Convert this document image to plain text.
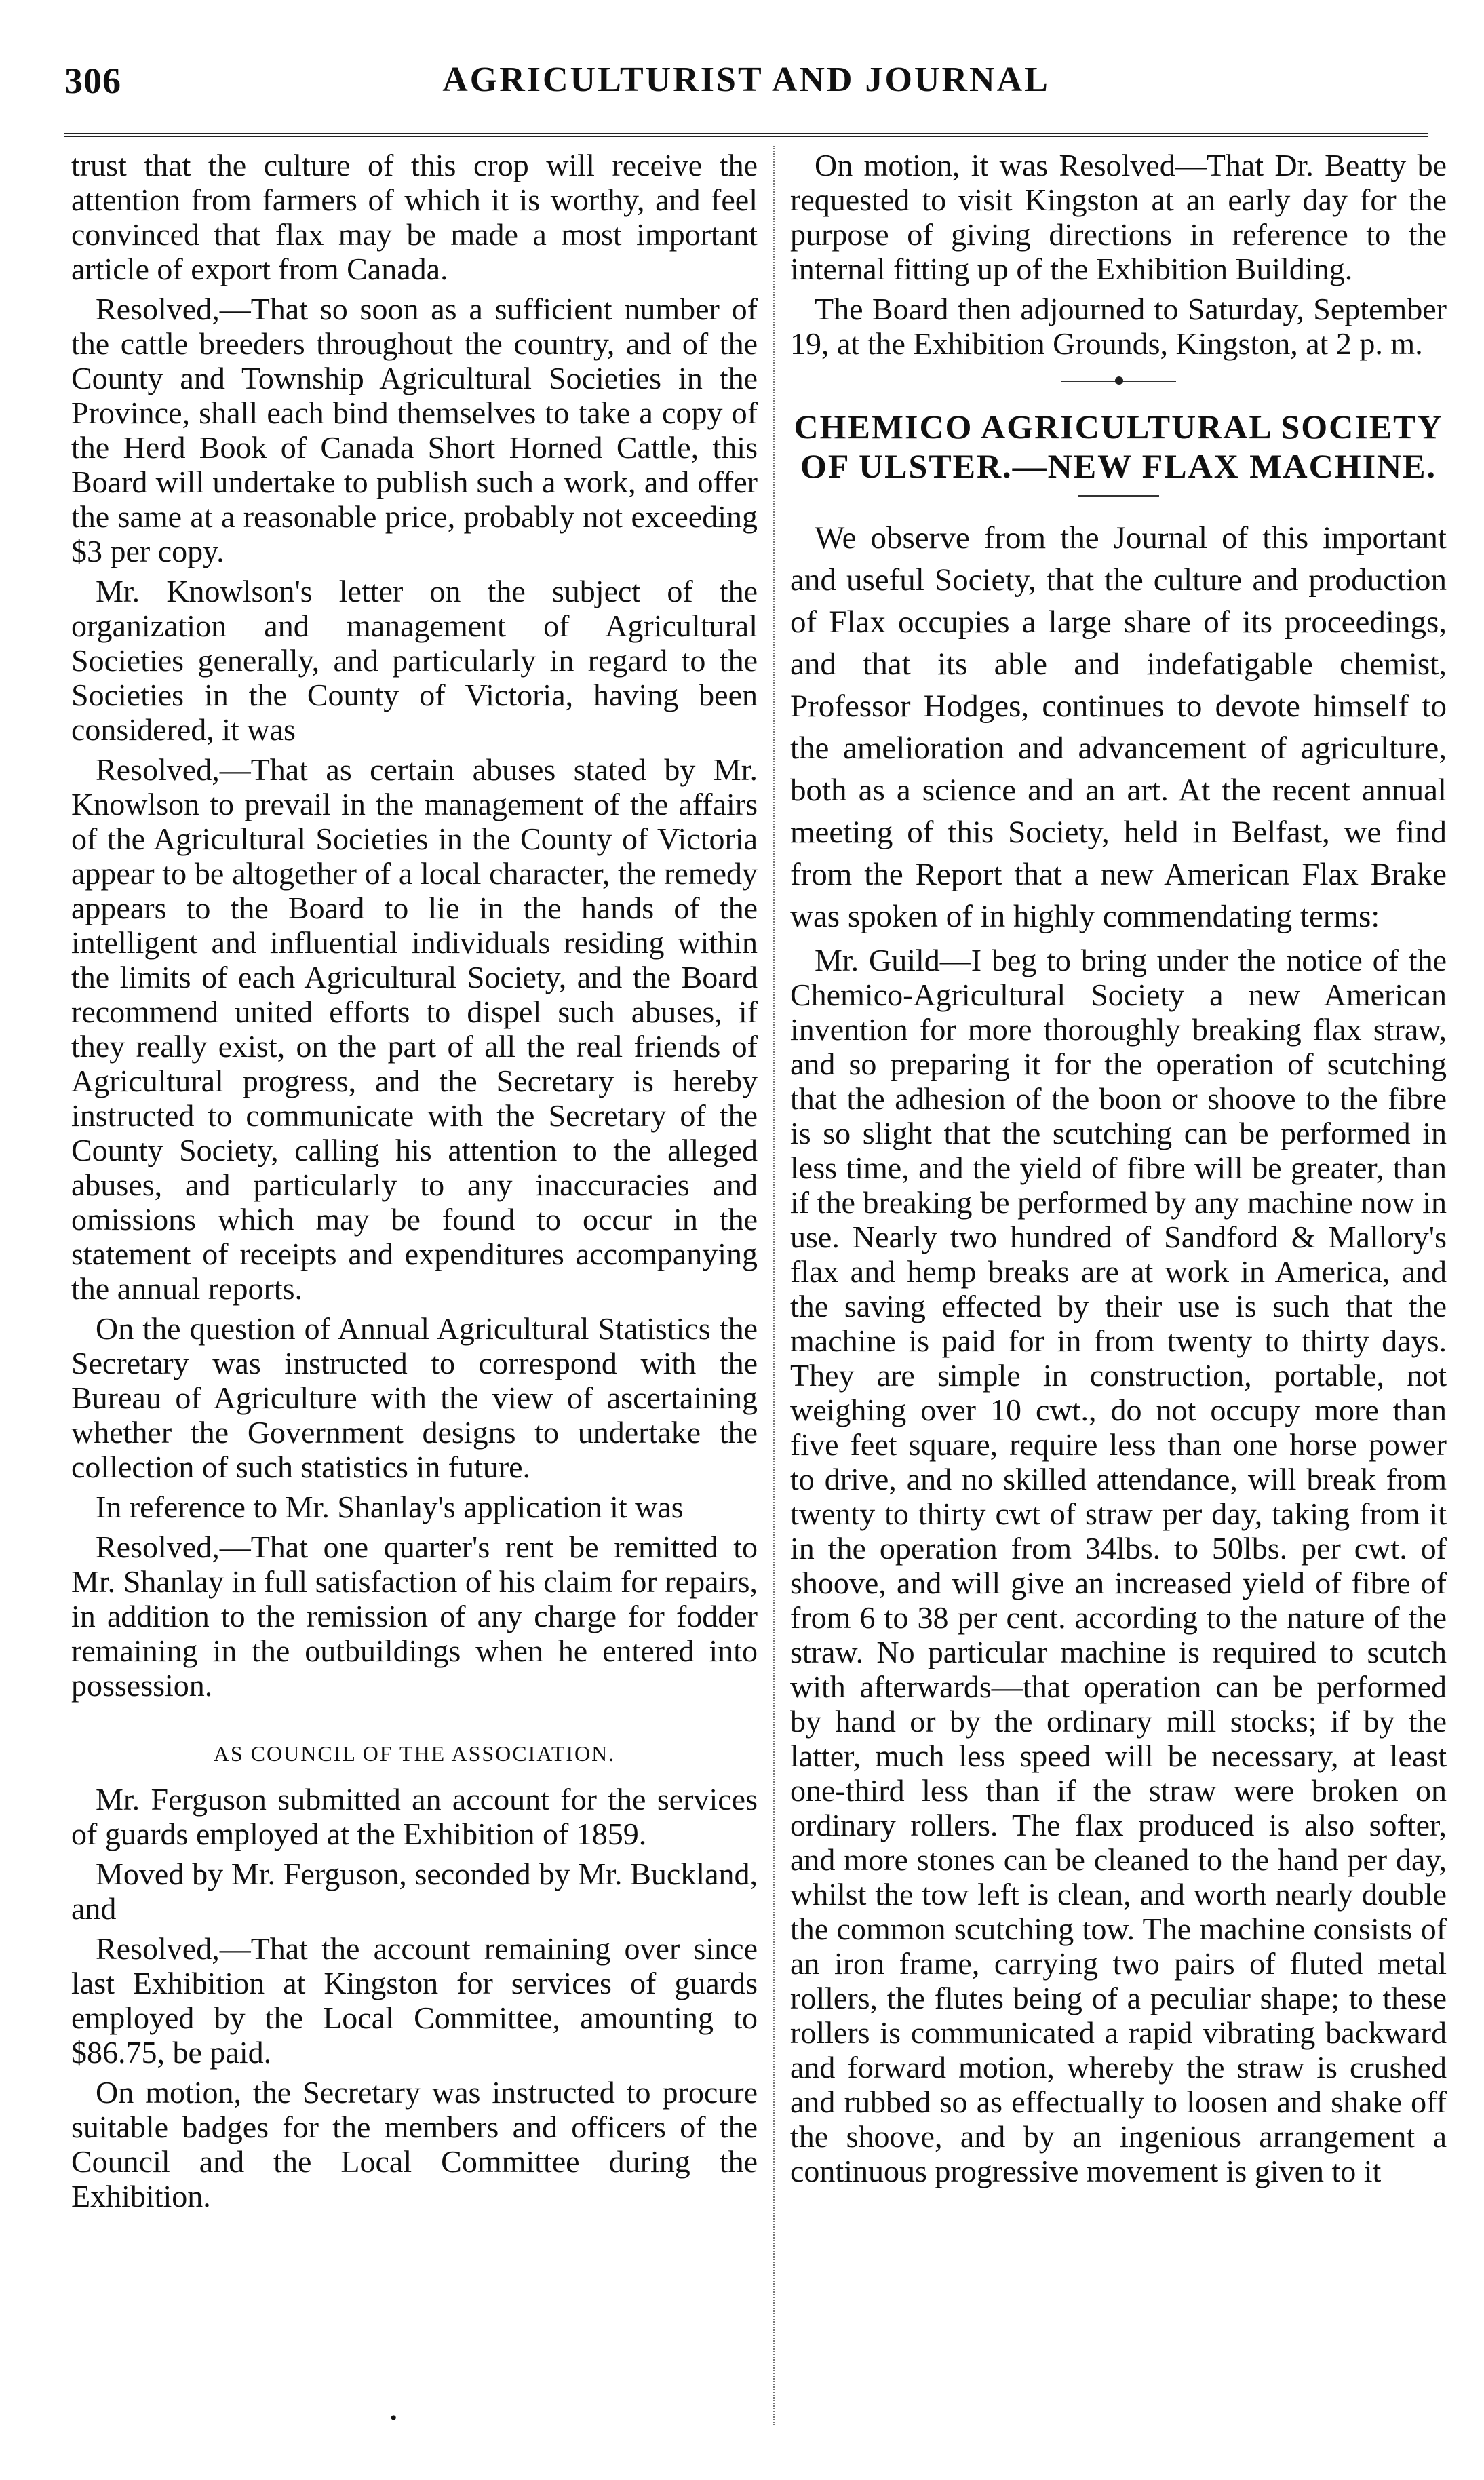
306	AGRICULTURIST AND JOURNAL

trust that the culture of this crop will receive the attention from farmers of which it is worthy, and feel convinced that flax may be made a most important article of export from Canada.

Resolved,—That so soon as a sufficient number of the cattle breeders throughout the country, and of the County and Township Agricultural Societies in the Province, shall each bind themselves to take a copy of the Herd Book of Canada Short Horned Cattle, this Board will undertake to publish such a work, and offer the same at a reasonable price, probably not exceeding $3 per copy.

Mr. Knowlson's letter on the subject of the organization and management of Agricultural Societies generally, and particularly in regard to the Societies in the County of Victoria, having been considered, it was

Resolved,—That as certain abuses stated by Mr. Knowlson to prevail in the management of the affairs of the Agricultural Societies in the County of Victoria appear to be altogether of a local character, the remedy appears to the Board to lie in the hands of the intelligent and influential individuals residing within the limits of each Agricultural Society, and the Board recommend united efforts to dispel such abuses, if they really exist, on the part of all the real friends of Agricultural progress, and the Secretary is hereby instructed to communicate with the Secretary of the County Society, calling his attention to the alleged abuses, and particularly to any inaccuracies and omissions which may be found to occur in the statement of receipts and expenditures accompanying the annual reports.

On the question of Annual Agricultural Statistics the Secretary was instructed to correspond with the Bureau of Agriculture with the view of ascertaining whether the Government designs to undertake the collection of such statistics in future.

In reference to Mr. Shanlay's application it was

Resolved,—That one quarter's rent be remitted to Mr. Shanlay in full satisfaction of his claim for repairs, in addition to the remission of any charge for fodder remaining in the outbuildings when he entered into possession.

AS COUNCIL OF THE ASSOCIATION.

Mr. Ferguson submitted an account for the services of guards employed at the Exhibition of 1859.

Moved by Mr. Ferguson, seconded by Mr. Buckland, and

Resolved,—That the account remaining over since last Exhibition at Kingston for services of guards employed by the Local Committee, amounting to $86.75, be paid.

On motion, the Secretary was instructed to procure suitable badges for the members and officers of the Council and the Local Committee during the Exhibition.

On motion, it was Resolved—That Dr. Beatty be requested to visit Kingston at an early day for the purpose of giving directions in reference to the internal fitting up of the Exhibition Building.

The Board then adjourned to Saturday, September 19, at the Exhibition Grounds, Kingston, at 2 p. m.

CHEMICO AGRICULTURAL SOCIETY OF ULSTER.—NEW FLAX MACHINE.

We observe from the Journal of this important and useful Society, that the culture and production of Flax occupies a large share of its proceedings, and that its able and indefatigable chemist, Professor Hodges, continues to devote himself to the amelioration and advancement of agriculture, both as a science and an art. At the recent annual meeting of this Society, held in Belfast, we find from the Report that a new American Flax Brake was spoken of in highly commendating terms:

Mr. Guild—I beg to bring under the notice of the Chemico-Agricultural Society a new American invention for more thoroughly breaking flax straw, and so preparing it for the operation of scutching that the adhesion of the boon or shoove to the fibre is so slight that the scutching can be performed in less time, and the yield of fibre will be greater, than if the breaking be performed by any machine now in use. Nearly two hundred of Sandford & Mallory's flax and hemp breaks are at work in America, and the saving effected by their use is such that the machine is paid for in from twenty to thirty days. They are simple in construction, portable, not weighing over 10 cwt., do not occupy more than five feet square, require less than one horse power to drive, and no skilled attendance, will break from twenty to thirty cwt of straw per day, taking from it in the operation from 34lbs. to 50lbs. per cwt. of shoove, and will give an increased yield of fibre of from 6 to 38 per cent. according to the nature of the straw. No particular machine is required to scutch with afterwards—that operation can be performed by hand or by the ordinary mill stocks; if by the latter, much less speed will be necessary, at least one-third less than if the straw were broken on ordinary rollers. The flax produced is also softer, and more stones can be cleaned to the hand per day, whilst the tow left is clean, and worth nearly double the common scutching tow. The machine consists of an iron frame, carrying two pairs of fluted metal rollers, the flutes being of a peculiar shape; to these rollers is communicated a rapid vibrating backward and forward motion, whereby the straw is crushed and rubbed so as effectually to loosen and shake off the shoove, and by an ingenious arrangement a continuous progressive movement is given to it

•
